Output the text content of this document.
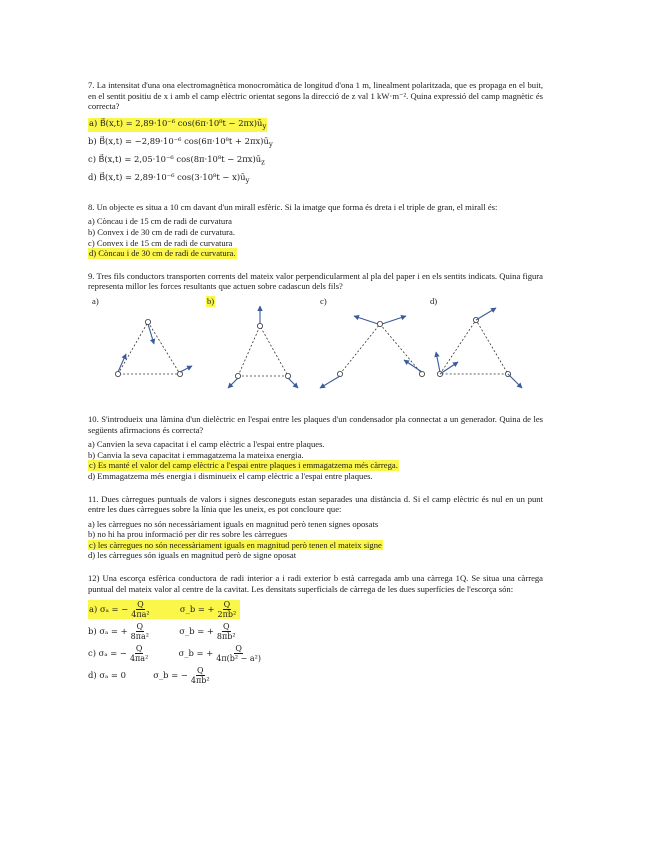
7. La intensitat d'una ona electromagnètica monocromàtica de longitud d'ona 1 m, linealment polaritzada, que es propaga en el buit, en el sentit positiu de x i amb el camp elèctric orientat segons la direcció de z val 1 kW·m⁻². Quina expressió del camp magnètic és correcta?
a) B⃗(x,t) = 2,89·10⁻⁶ $\cos(6\pi\cdot 10^8t - 2\pi x)ū_y$
b) B⃗(x,t) = −2,89·10⁻⁶ $\cos(6\pi\cdot 10^8t + 2\pi x)ū_y$
c) B⃗(x,t) = 2,05·10⁻⁶ $\cos(8\pi\cdot 10^8t - 2\pi x)ū_z$
d) B⃗(x,t) = 2,89·10⁻⁶ $\cos(3\cdot 10^8t - x)ū_y$
8. Un objecte es situa a 10 cm davant d'un mirall esfèric. Si la imatge que forma és dreta i el triple de gran, el mirall és:
a) Còncau i de 15 cm de radi de curvatura
b) Convex i de 30 cm de radi de curvatura.
c) Convex i de 15 cm de radi de curvatura
d) Còncau i de 30 cm de radi de curvatura.
9. Tres fils conductors transporten corrents del mateix valor perpendicularment al pla del paper i en els sentits indicats. Quina figura representa millor les forces resultants que actuen sobre cadascun dels fils?
a)	b)	c)	d)
10. S'introdueix una làmina d'un dielèctric en l'espai entre les plaques d'un condensador pla connectat a un generador. Quina de les següents afirmacions és correcta?
a) Canvien la seva capacitat i el camp elèctric a l'espai entre plaques.
b) Canvia la seva capacitat i emmagatzema la mateixa energia.
c) Es manté el valor del camp elèctric a l'espai entre plaques i emmagatzema més càrrega.
d) Emmagatzema més energia i disminueix el camp elèctric a l'espai entre plaques.
11. Dues càrregues puntuals de valors i signes desconeguts estan separades una distància d. Si el camp elèctric és nul en un punt entre les dues càrregues sobre la línia que les uneix, es pot concloure que:
a) les càrregues no són necessàriament iguals en magnitud però tenen signes oposats
b) no hi ha prou informació per dir res sobre les càrregues
c) les càrregues no són necessàriament iguals en magnitud però tenen el mateix signe
d) les càrregues són iguals en magnitud però de signe oposat
12) Una escorça esfèrica conductora de radi interior a i radi exterior b està carregada amb una càrrega 1Q. Se situa una càrrega puntual del mateix valor al centre de la cavitat. Les densitats superficials de càrrega de les dues superfícies de l'escorça són:
a) σₐ = − $\frac{Q}{\text{4πa²}}$	σ_b = + $\frac{Q}{\text{2πb²}}$
b) σₐ = + $\frac{Q}{\text{8πa²}}$	σ_b = + $\frac{Q}{\text{8πb²}}$
c) σₐ = − $\frac{Q}{\text{4πa²}}$	σ_b = + $\frac{Q}{\text{4π(b² − a²)}}$
d) σₐ = 0	σ_b = − $\frac{Q}{\text{4πb²}}$
